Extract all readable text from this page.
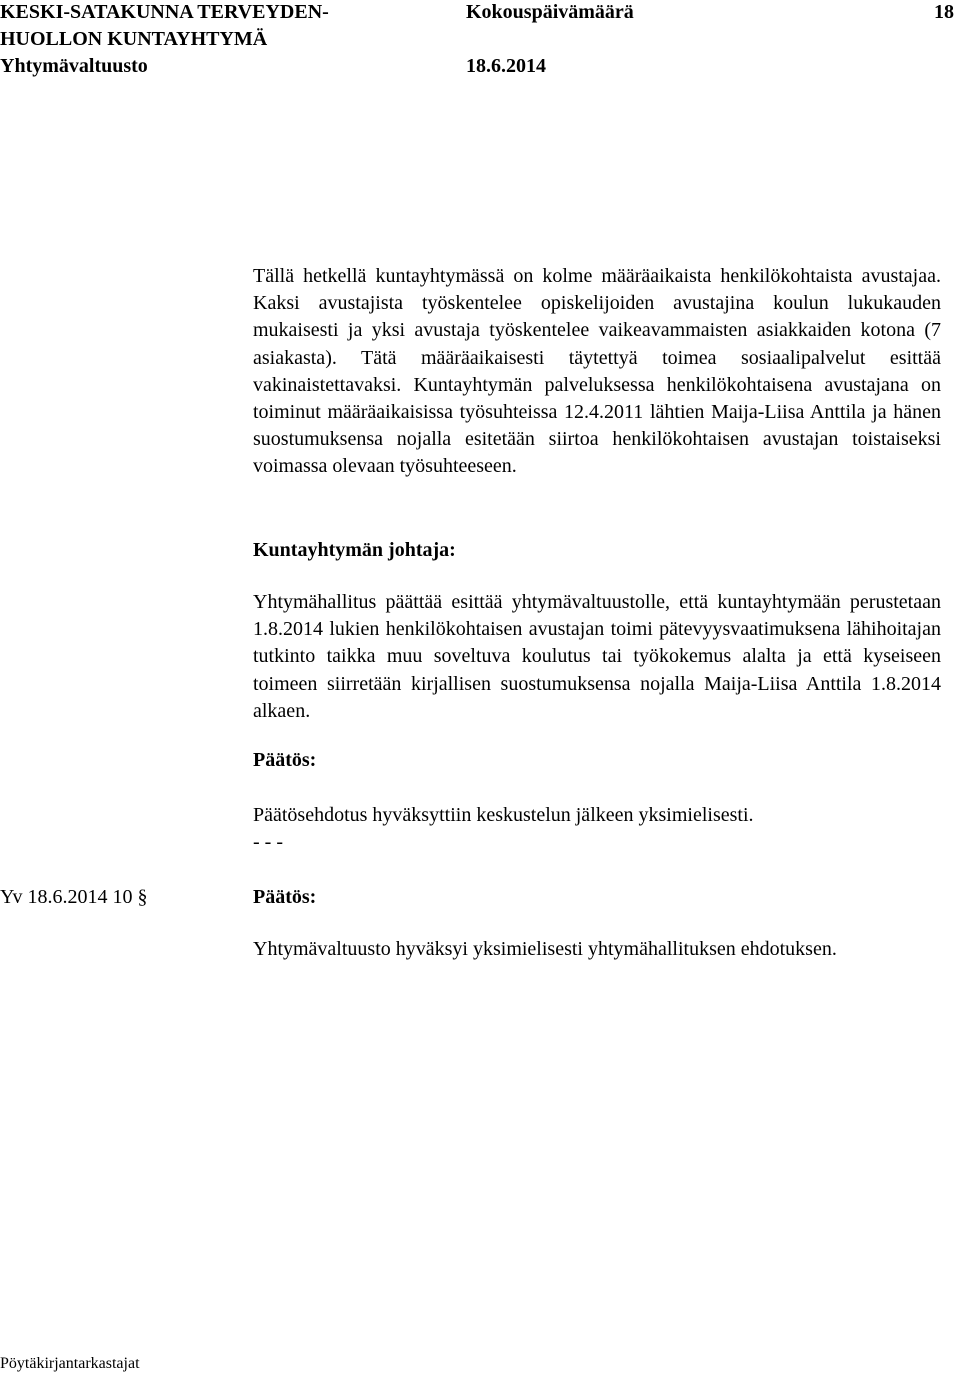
KESKI-SATAKUNNA TERVEYDEN-
HUOLLON KUNTAYHTYMÄ
Yhtymävaltuusto
Kokouspäivämäärä
18.6.2014
18

Tällä hetkellä kuntayhtymässä on kolme määräaikaista henkilökohtaista avustajaa. Kaksi avustajista työskentelee opiskelijoiden avustajina koulun lukukauden mukaisesti ja yksi avustaja työskentelee vaikeavammaisten asiakkaiden kotona (7 asiakasta). Tätä määräaikaisesti täytettyä toimea sosiaalipalvelut esittää vakinaistettavaksi. Kuntayhtymän palveluksessa henkilökohtaisena avustajana on toiminut määräaikaisissa työsuhteissa 12.4.2011 lähtien Maija-Liisa Anttila ja hänen suostumuksensa nojalla esitetään siirtoa henkilökohtaisen avustajan toistaiseksi voimassa olevaan työsuhteeseen.

Kuntayhtymän johtaja:

Yhtymähallitus päättää esittää yhtymävaltuustolle, että kuntayhtymään perustetaan 1.8.2014 lukien henkilökohtaisen avustajan toimi pätevyysvaatimuksena lähihoitajan tutkinto taikka muu soveltuva koulutus tai työkokemus alalta ja että kyseiseen toimeen siirretään kirjallisen suostumuksensa nojalla Maija-Liisa Anttila 1.8.2014 alkaen.

Päätös:
Päätösehdotus hyväksyttiin keskustelun jälkeen yksimielisesti.
- - -
Yv 18.6.2014 10 §	Päätös:
Yhtymävaltuusto hyväksyi yksimielisesti yhtymähallituksen ehdotuksen.
Pöytäkirjantarkastajat
